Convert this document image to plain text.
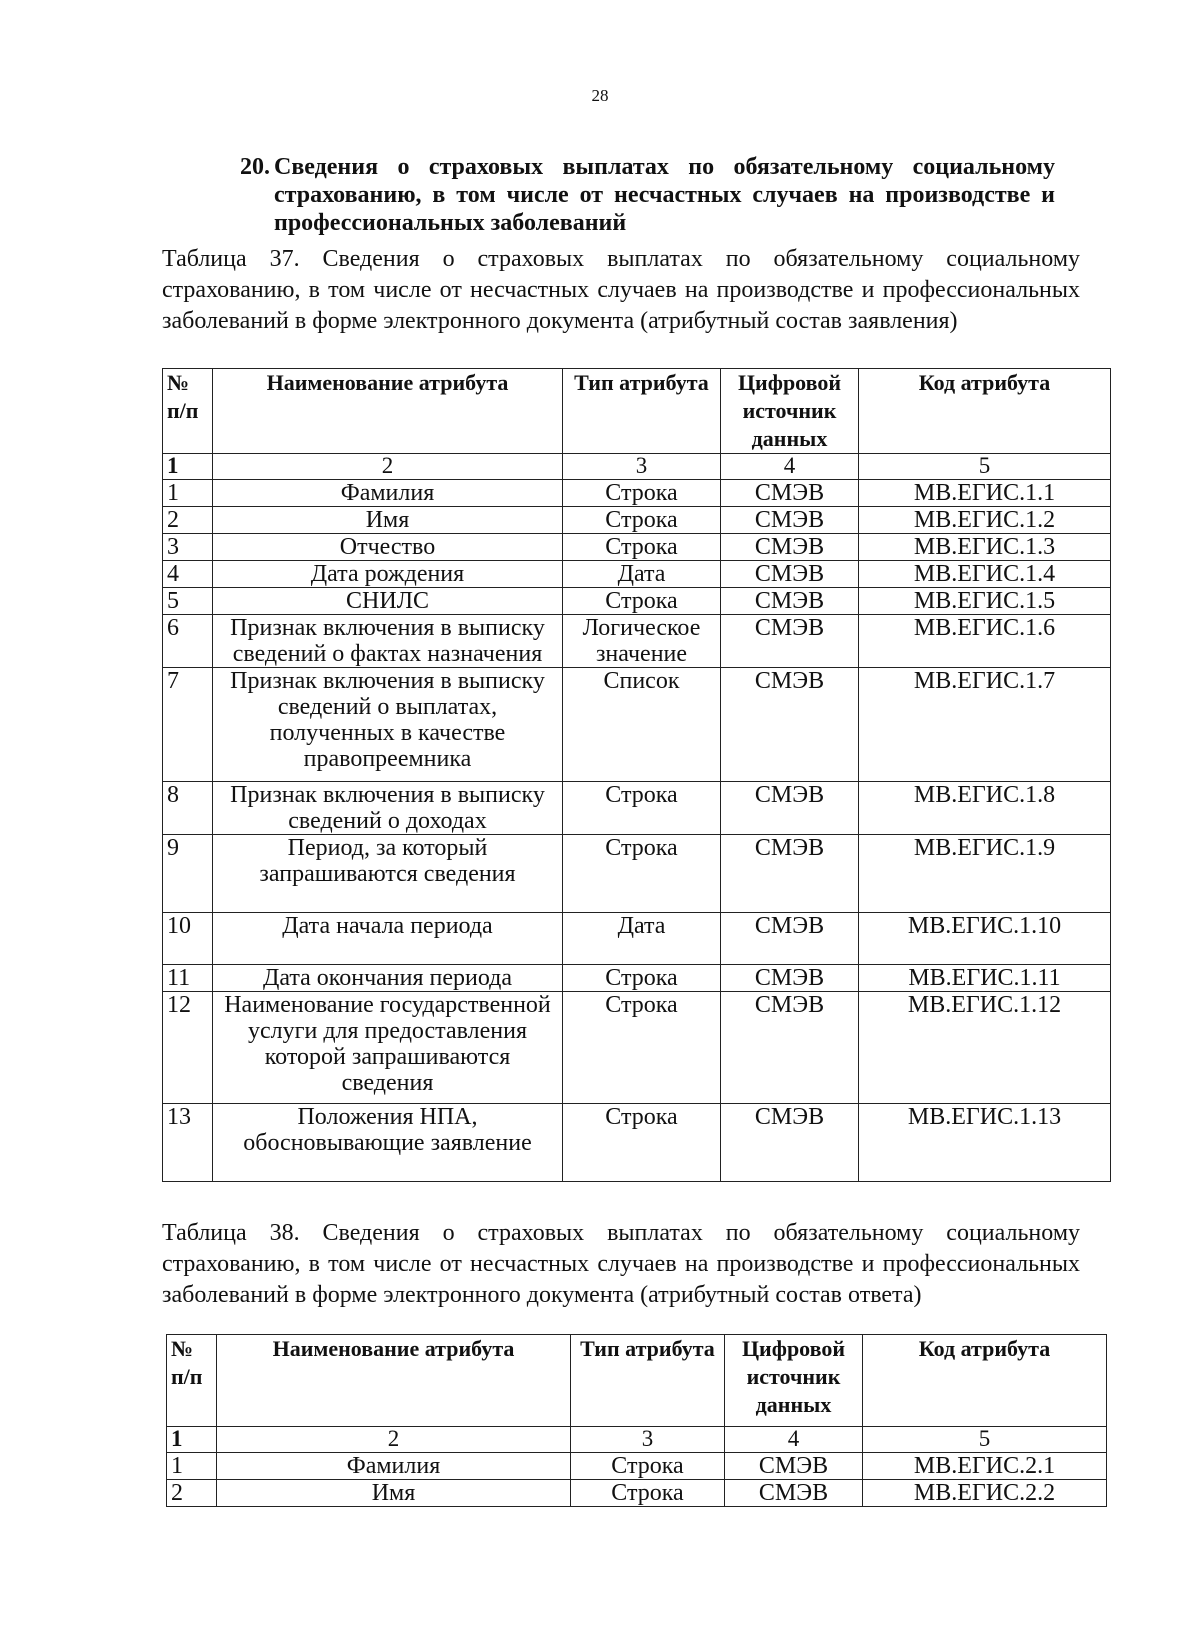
28
20. Сведения о страховых выплатах по обязательному социальному страхованию, в том числе от несчастных случаев на производстве и профессиональных заболеваний
Таблица 37. Сведения о страховых выплатах по обязательному социальному страхованию, в том числе от несчастных случаев на производстве и профессиональных заболеваний в форме электронного документа (атрибутный состав заявления)
№ п/п	Наименование атрибута	Тип атрибута	Цифровой источник данных	Код атрибута
1	2	3	4	5
1	Фамилия	Строка	СМЭВ	МВ.ЕГИС.1.1
2	Имя	Строка	СМЭВ	МВ.ЕГИС.1.2
3	Отчество	Строка	СМЭВ	МВ.ЕГИС.1.3
4	Дата рождения	Дата	СМЭВ	МВ.ЕГИС.1.4
5	СНИЛС	Строка	СМЭВ	МВ.ЕГИС.1.5
6	Признак включения в выписку сведений о фактах назначения	Логическое значение	СМЭВ	МВ.ЕГИС.1.6
7	Признак включения в выписку сведений о выплатах, полученных в качестве правопреемника	Список	СМЭВ	МВ.ЕГИС.1.7
8	Признак включения в выписку сведений о доходах	Строка	СМЭВ	МВ.ЕГИС.1.8
9	Период, за который запрашиваются сведения	Строка	СМЭВ	МВ.ЕГИС.1.9
10	Дата начала периода	Дата	СМЭВ	МВ.ЕГИС.1.10
11	Дата окончания периода	Строка	СМЭВ	МВ.ЕГИС.1.11
12	Наименование государственной услуги для предоставления которой запрашиваются сведения	Строка	СМЭВ	МВ.ЕГИС.1.12
13	Положения НПА, обосновывающие заявление	Строка	СМЭВ	МВ.ЕГИС.1.13
Таблица 38. Сведения о страховых выплатах по обязательному социальному страхованию, в том числе от несчастных случаев на производстве и профессиональных заболеваний в форме электронного документа (атрибутный состав ответа)
№ п/п	Наименование атрибута	Тип атрибута	Цифровой источник данных	Код атрибута
1	2	3	4	5
1	Фамилия	Строка	СМЭВ	МВ.ЕГИС.2.1
2	Имя	Строка	СМЭВ	МВ.ЕГИС.2.2
